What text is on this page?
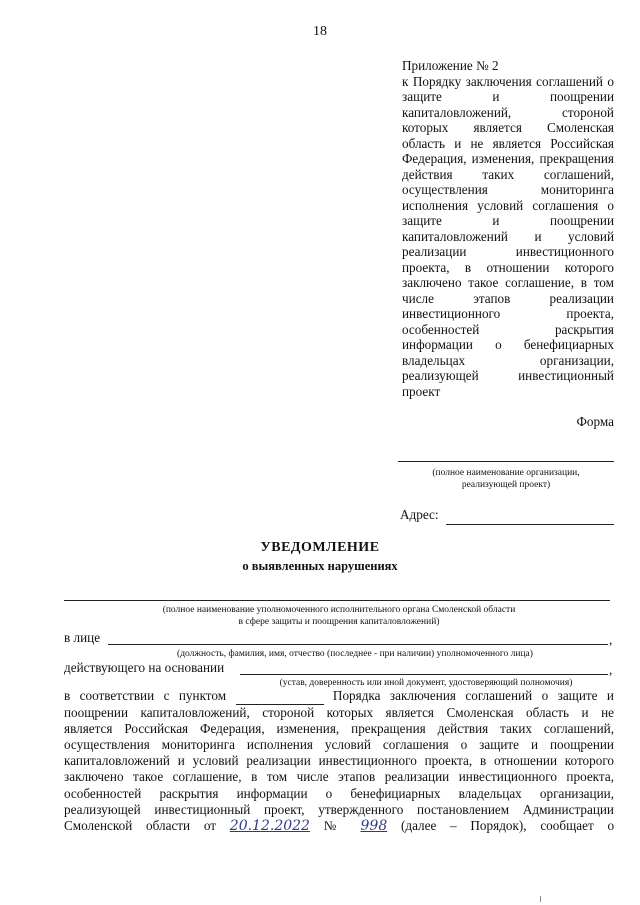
18
Приложение № 2
к Порядку заключения соглашений о защите и поощрении капиталовложений, стороной которых является Смоленская область и не является Российская Федерация, изменения, прекращения действия таких соглашений, осуществления мониторинга исполнения условий соглашения о защите и поощрении капиталовложений и условий реализации инвестиционного проекта, в отношении которого заключено такое соглашение, в том числе этапов реализации инвестиционного проекта, особенностей раскрытия информации о бенефициарных владельцах организации, реализующей инвестиционный проект
Форма
(полное наименование организации,
реализующей проект)
Адрес:
УВЕДОМЛЕНИЕ
о выявленных нарушениях
(полное наименование уполномоченного исполнительного органа Смоленской области
в сфере защиты и поощрения капиталовложений)
в лице	,
(должность, фамилия, имя, отчество (последнее - при наличии) уполномоченного лица)
действующего на основании	,
(устав, доверенность или иной документ, удостоверяющий полномочия)
в соответствии с пунктом	Порядка заключения соглашений о защите и
поощрении капиталовложений, стороной которых является Смоленская область и не
является Российская Федерация, изменения, прекращения действия таких соглашений,
осуществления мониторинга исполнения условий соглашения о защите и поощрении
капиталовложений и условий реализации инвестиционного проекта, в отношении которого
заключено такое соглашение, в том числе этапов реализации инвестиционного проекта,
особенностей раскрытия информации о бенефициарных владельцах организации,
реализующей инвестиционный проект, утвержденного постановлением Администрации
Смоленской области от 20.12.2022 № 998 (далее – Порядок), сообщает о
